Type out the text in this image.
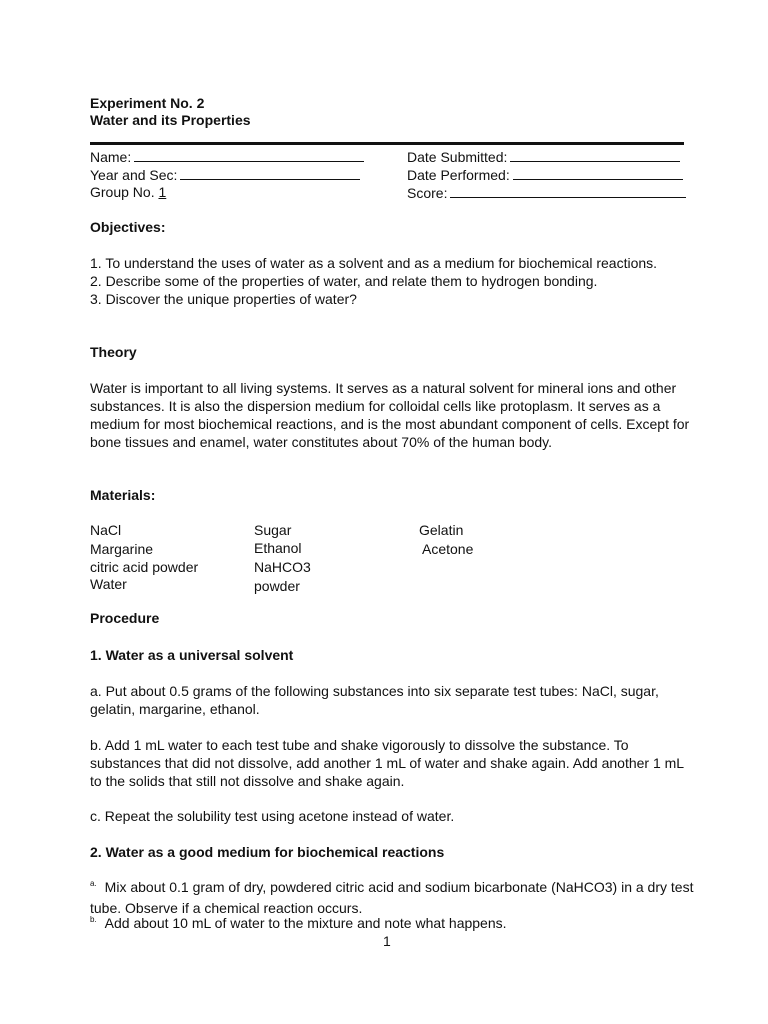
Experiment No. 2
Water and its Properties
Name:
Year and Sec:
Group No. 1
Date Submitted:
Date Performed:
Score:
Objectives:

1. To understand the uses of water as a solvent and as a medium for biochemical reactions.

2. Describe some of the properties of water, and relate them to hydrogen bonding.

3. Discover the unique properties of water?

Theory
Water is important to all living systems. It serves as a natural solvent for mineral ions and other substances. It is also the dispersion medium for colloidal cells like protoplasm. It serves as a medium for most biochemical reactions, and is the most abundant component of cells. Except for bone tissues and enamel, water constitutes about 70% of the human body.
Materials:
NaCl
Margarine
citric acid powder
Water
Sugar
Ethanol
NaHCO3
powder
Gelatin
Acetone
Procedure
1. Water as a universal solvent
a. Put about 0.5 grams of the following substances into six separate test tubes: NaCl, sugar, gelatin, margarine, ethanol.
b. Add 1 mL water to each test tube and shake vigorously to dissolve the substance. To substances that did not dissolve, add another 1 mL of water and shake again. Add another 1 mL to the solids that still not dissolve and shake again.
c. Repeat the solubility test using acetone instead of water.
2. Water as a good medium for biochemical reactions
$^{a.}$ Mix about 0.1 gram of dry, powdered citric acid and sodium bicarbonate (NaHCO3) in a dry test tube. Observe if a chemical reaction occurs.
$^{b.}$ Add about 10 mL of water to the mixture and note what happens.
1
